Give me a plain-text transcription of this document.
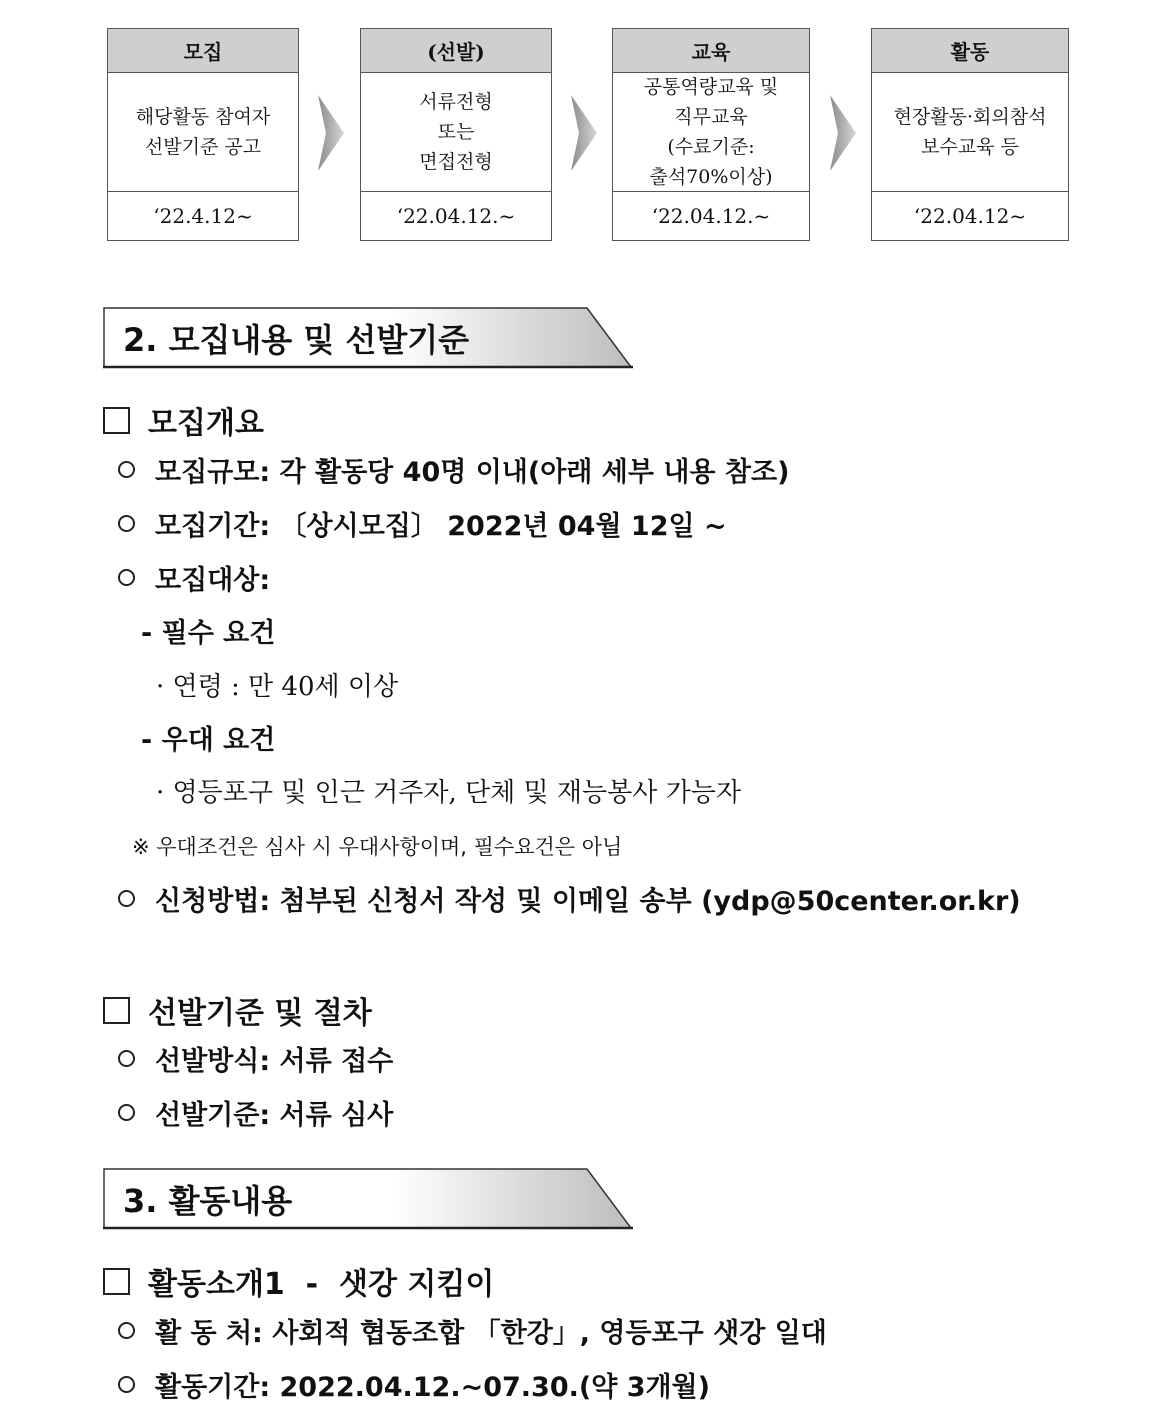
모집
해당활동 참여자
선발기준 공고
‘22.4.12~
(선발)
서류전형
또는
면접전형
‘22.04.12.~
교육
공통역량교육 및
직무교육
(수료기준:
출석70%이상)
‘22.04.12.~
활동
현장활동·회의참석
보수교육 등
‘22.04.12~
2. 모집내용 및 선발기준
모집개요
모집규모: 각 활동당 40명 이내(아래 세부 내용 참조)
모집기간: 〔상시모집〕 2022년 04월 12일 ~
모집대상:
- 필수 요건
· 연령 : 만 40세 이상
- 우대 요건
· 영등포구 및 인근 거주자, 단체 및 재능봉사 가능자
※ 우대조건은 심사 시 우대사항이며, 필수요건은 아님
신청방법: 첨부된 신청서 작성 및 이메일 송부 (ydp@50center.or.kr)
선발기준 및 절차
선발방식: 서류 접수
선발기준: 서류 심사
3. 활동내용
활동소개1  -  샛강 지킴이
활 동 처: 사회적 협동조합 「한강」, 영등포구 샛강 일대
활동기간: 2022.04.12.~07.30.(약 3개월)
